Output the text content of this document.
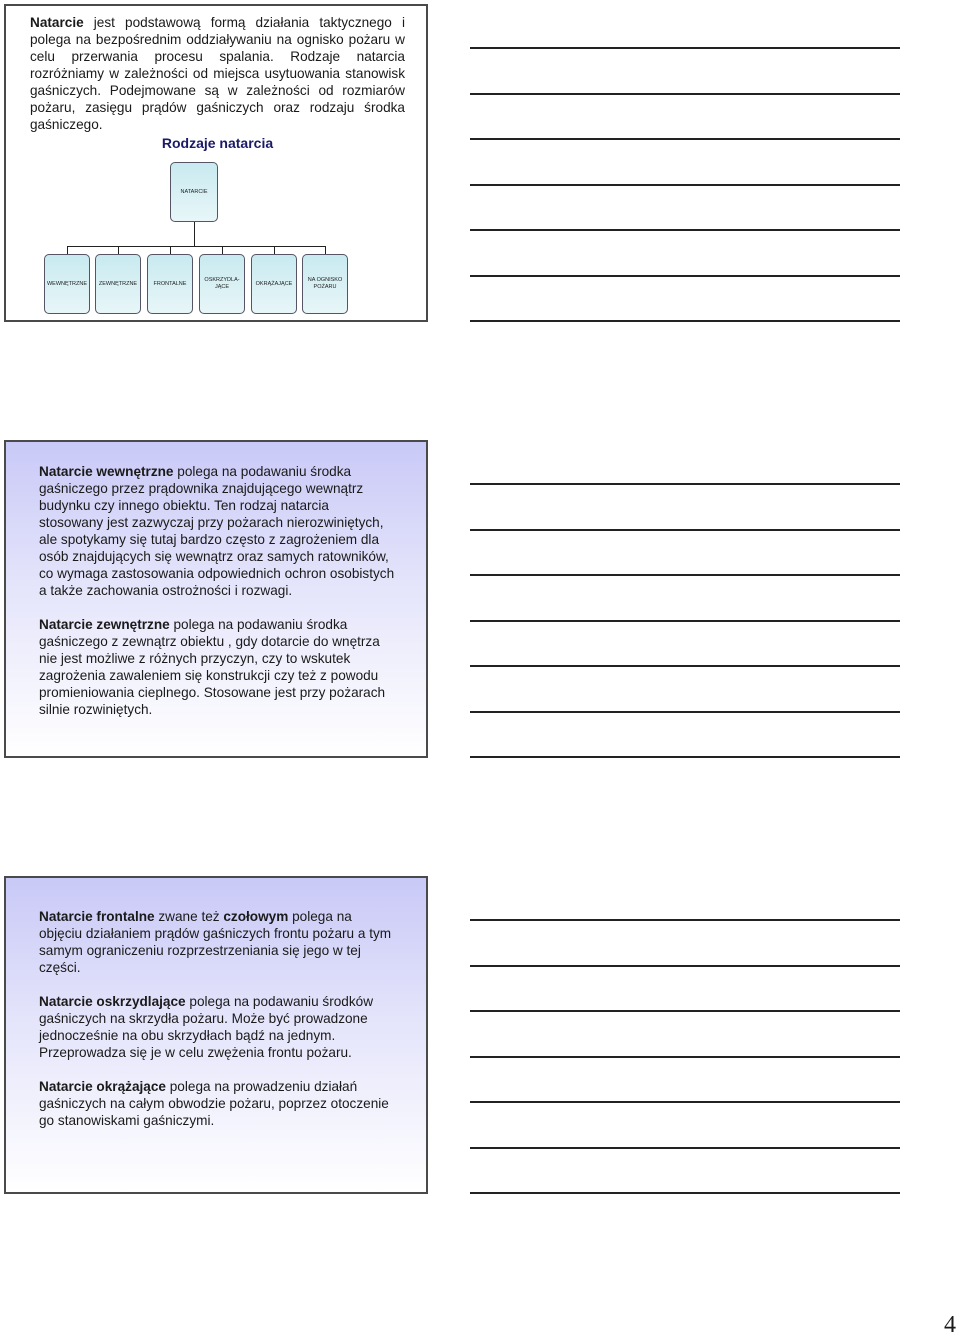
Natarcie jest podstawową formą działania taktycznego i polega na bezpośrednim oddziaływaniu na ognisko pożaru w celu przerwania procesu spalania. Rodzaje natarcia rozróżniamy w zależności od miejsca usytuowania stanowisk gaśniczych. Podejmowane są w zależności od rozmiarów pożaru, zasięgu prądów gaśniczych oraz rodzaju środka gaśniczego.
Rodzaje natarcia
NATARCIE
WEWNĘTRZNE ZEWNĘTRZNE	FRONTALNE
OSKRZYDLA-JĄCE	OKRĄŻAJĄCE
NA OGNISKO POŻARU

Natarcie wewnętrzne polega na podawaniu środka gaśniczego przez prądownika znajdującego wewnątrz budynku czy innego obiektu. Ten rodzaj natarcia stosowany jest zazwyczaj przy pożarach nierozwiniętych, ale spotykamy się tutaj bardzo często z zagrożeniem dla osób znajdujących się wewnątrz oraz samych ratowników, co wymaga zastosowania odpowiednich ochron osobistych a także zachowania ostrożności i rozwagi.

Natarcie zewnętrzne polega na podawaniu środka gaśniczego z zewnątrz obiektu , gdy dotarcie do wnętrza nie jest możliwe z różnych przyczyn, czy to wskutek zagrożenia zawaleniem się konstrukcji czy też z powodu promieniowania cieplnego. Stosowane jest przy pożarach silnie rozwiniętych.

Natarcie frontalne zwane też czołowym polega na objęciu działaniem prądów gaśniczych frontu pożaru a tym samym ograniczeniu rozprzestrzeniania się jego w tej części.

Natarcie oskrzydlające polega na podawaniu środków gaśniczych na skrzydła pożaru. Może być prowadzone jednocześnie na obu skrzydłach bądź na jednym. Przeprowadza się je w celu zwężenia frontu pożaru.

Natarcie okrążające polega na prowadzeniu działań gaśniczych na całym obwodzie pożaru, poprzez otoczenie go stanowiskami gaśniczymi.

4
